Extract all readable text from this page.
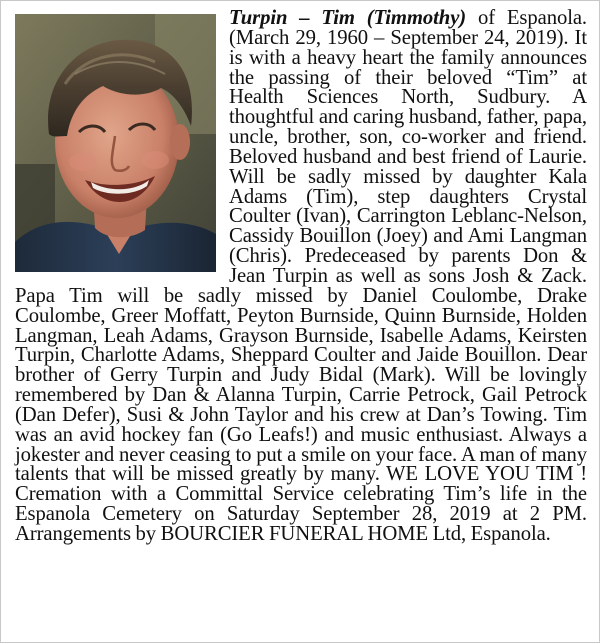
Turpin – Tim (Timmothy) of Espanola. (March 29, 1960 – September 24, 2019). It is with a heavy heart the family announces the passing of their beloved “Tim” at Health Sciences North, Sudbury. A thoughtful and caring husband, father, papa, uncle, brother, son, co-worker and friend. Beloved husband and best friend of Laurie. Will be sadly missed by daughter Kala Adams (Tim), step daughters Crystal Coulter (Ivan), Carrington Leblanc-Nelson, Cassidy Bouillon (Joey) and Ami Langman (Chris). Predeceased by parents Don & Jean Turpin as well as sons Josh & Zack. Papa Tim will be sadly missed by Daniel Coulombe, Drake Coulombe, Greer Moffatt, Peyton Burnside, Quinn Burnside, Holden Langman, Leah Adams, Grayson Burnside, Isabelle Adams, Keirsten Turpin, Charlotte Adams, Sheppard Coulter and Jaide Bouillon. Dear brother of Gerry Turpin and Judy Bidal (Mark). Will be lovingly remembered by Dan & Alanna Turpin, Carrie Petrock, Gail Petrock (Dan Defer), Susi & John Taylor and his crew at Dan’s Towing. Tim was an avid hockey fan (Go Leafs!) and music enthusiast. Always a jokester and never ceasing to put a smile on your face. A man of many talents that will be missed greatly by many. WE LOVE YOU TIM ! Cremation with a Committal Service celebrating Tim’s life in the Espanola Cemetery on Saturday September 28, 2019 at 2 PM. Arrangements by BOURCIER FUNERAL HOME Ltd, Espanola.
